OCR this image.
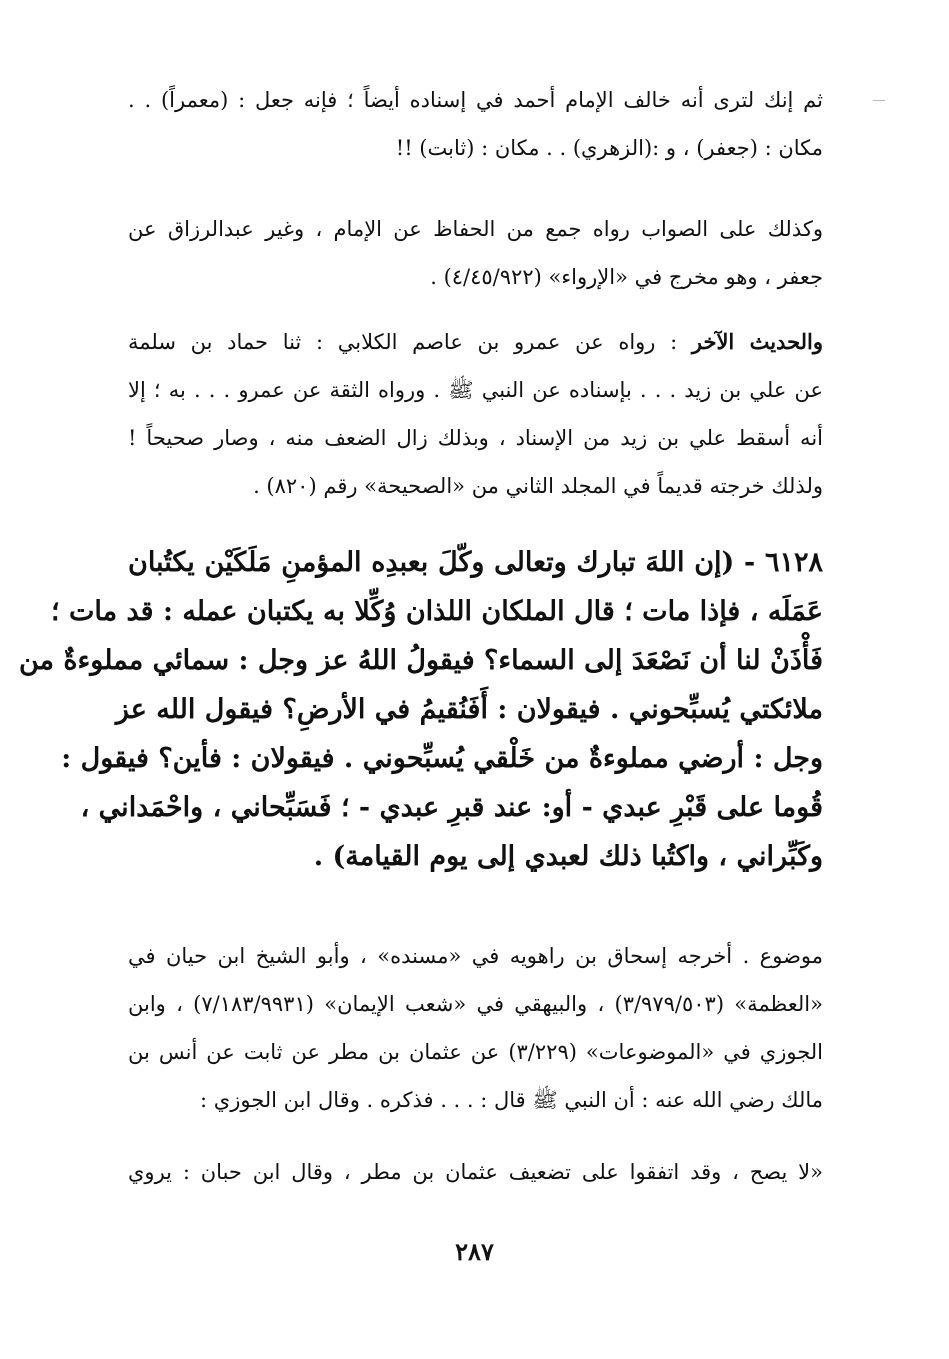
ثم إنك لترى أنه خالف الإمام أحمد في إسناده أيضاً ؛ فإنه جعل : (معمراً) . .
مكان : (جعفر) ، و :(الزهري) . . مكان : (ثابت) !!
وكذلك على الصواب رواه جمع من الحفاظ عن الإمام ، وغير عبدالرزاق عن
جعفر ، وهو مخرج في «الإرواء» (٤/٤٥/٩٢٢) .
والحديث الآخر : رواه عن عمرو بن عاصم الكلابي : ثنا حماد بن سلمة
عن علي بن زيد . . . بإسناده عن النبي ﷺ . ورواه الثقة عن عمرو . . . به ؛ إلا
أنه أسقط علي بن زيد من الإسناد ، وبذلك زال الضعف منه ، وصار صحيحاً !
ولذلك خرجته قديماً في المجلد الثاني من «الصحيحة» رقم (٨٢٠) .
٦١٢٨ - (إن اللهَ تبارك وتعالى وكّلَ بعبدِه المؤمنِ مَلَكَيْن يكتُبان
عَمَلَه ، فإذا مات ؛ قال الملكان اللذان وُكِّلا به يكتبان عمله : قد مات ؛
فَأْذَنْ لنا أن نَصْعَدَ إلى السماء؟ فيقولُ اللهُ عز وجل : سمائي مملوءةٌ من
ملائكتي يُسبِّحوني . فيقولان : أَفَنُقيمُ في الأرضِ؟ فيقول الله عز
وجل : أرضي مملوءةٌ من خَلْقي يُسبِّحوني . فيقولان : فأين؟ فيقول :
قُوما على قَبْرِ عبدي - أو: عند قبرِ عبدي - ؛ فَسَبِّحاني ، واحْمَداني ،
وكَبِّراني ، واكتُبا ذلك لعبدي إلى يوم القيامة) .
موضوع . أخرجه إسحاق بن راهويه في «مسنده» ، وأبو الشيخ ابن حيان في
«العظمة» (٣/٩٧٩/٥٠٣) ، والبيهقي في «شعب الإيمان» (٧/١٨٣/٩٩٣١) ، وابن
الجوزي في «الموضوعات» (٣/٢٢٩) عن عثمان بن مطر عن ثابت عن أنس بن
مالك رضي الله عنه : أن النبي ﷺ قال : . . . فذكره . وقال ابن الجوزي :
«لا يصح ، وقد اتفقوا على تضعيف عثمان بن مطر ، وقال ابن حبان : يروي
٢٨٧
